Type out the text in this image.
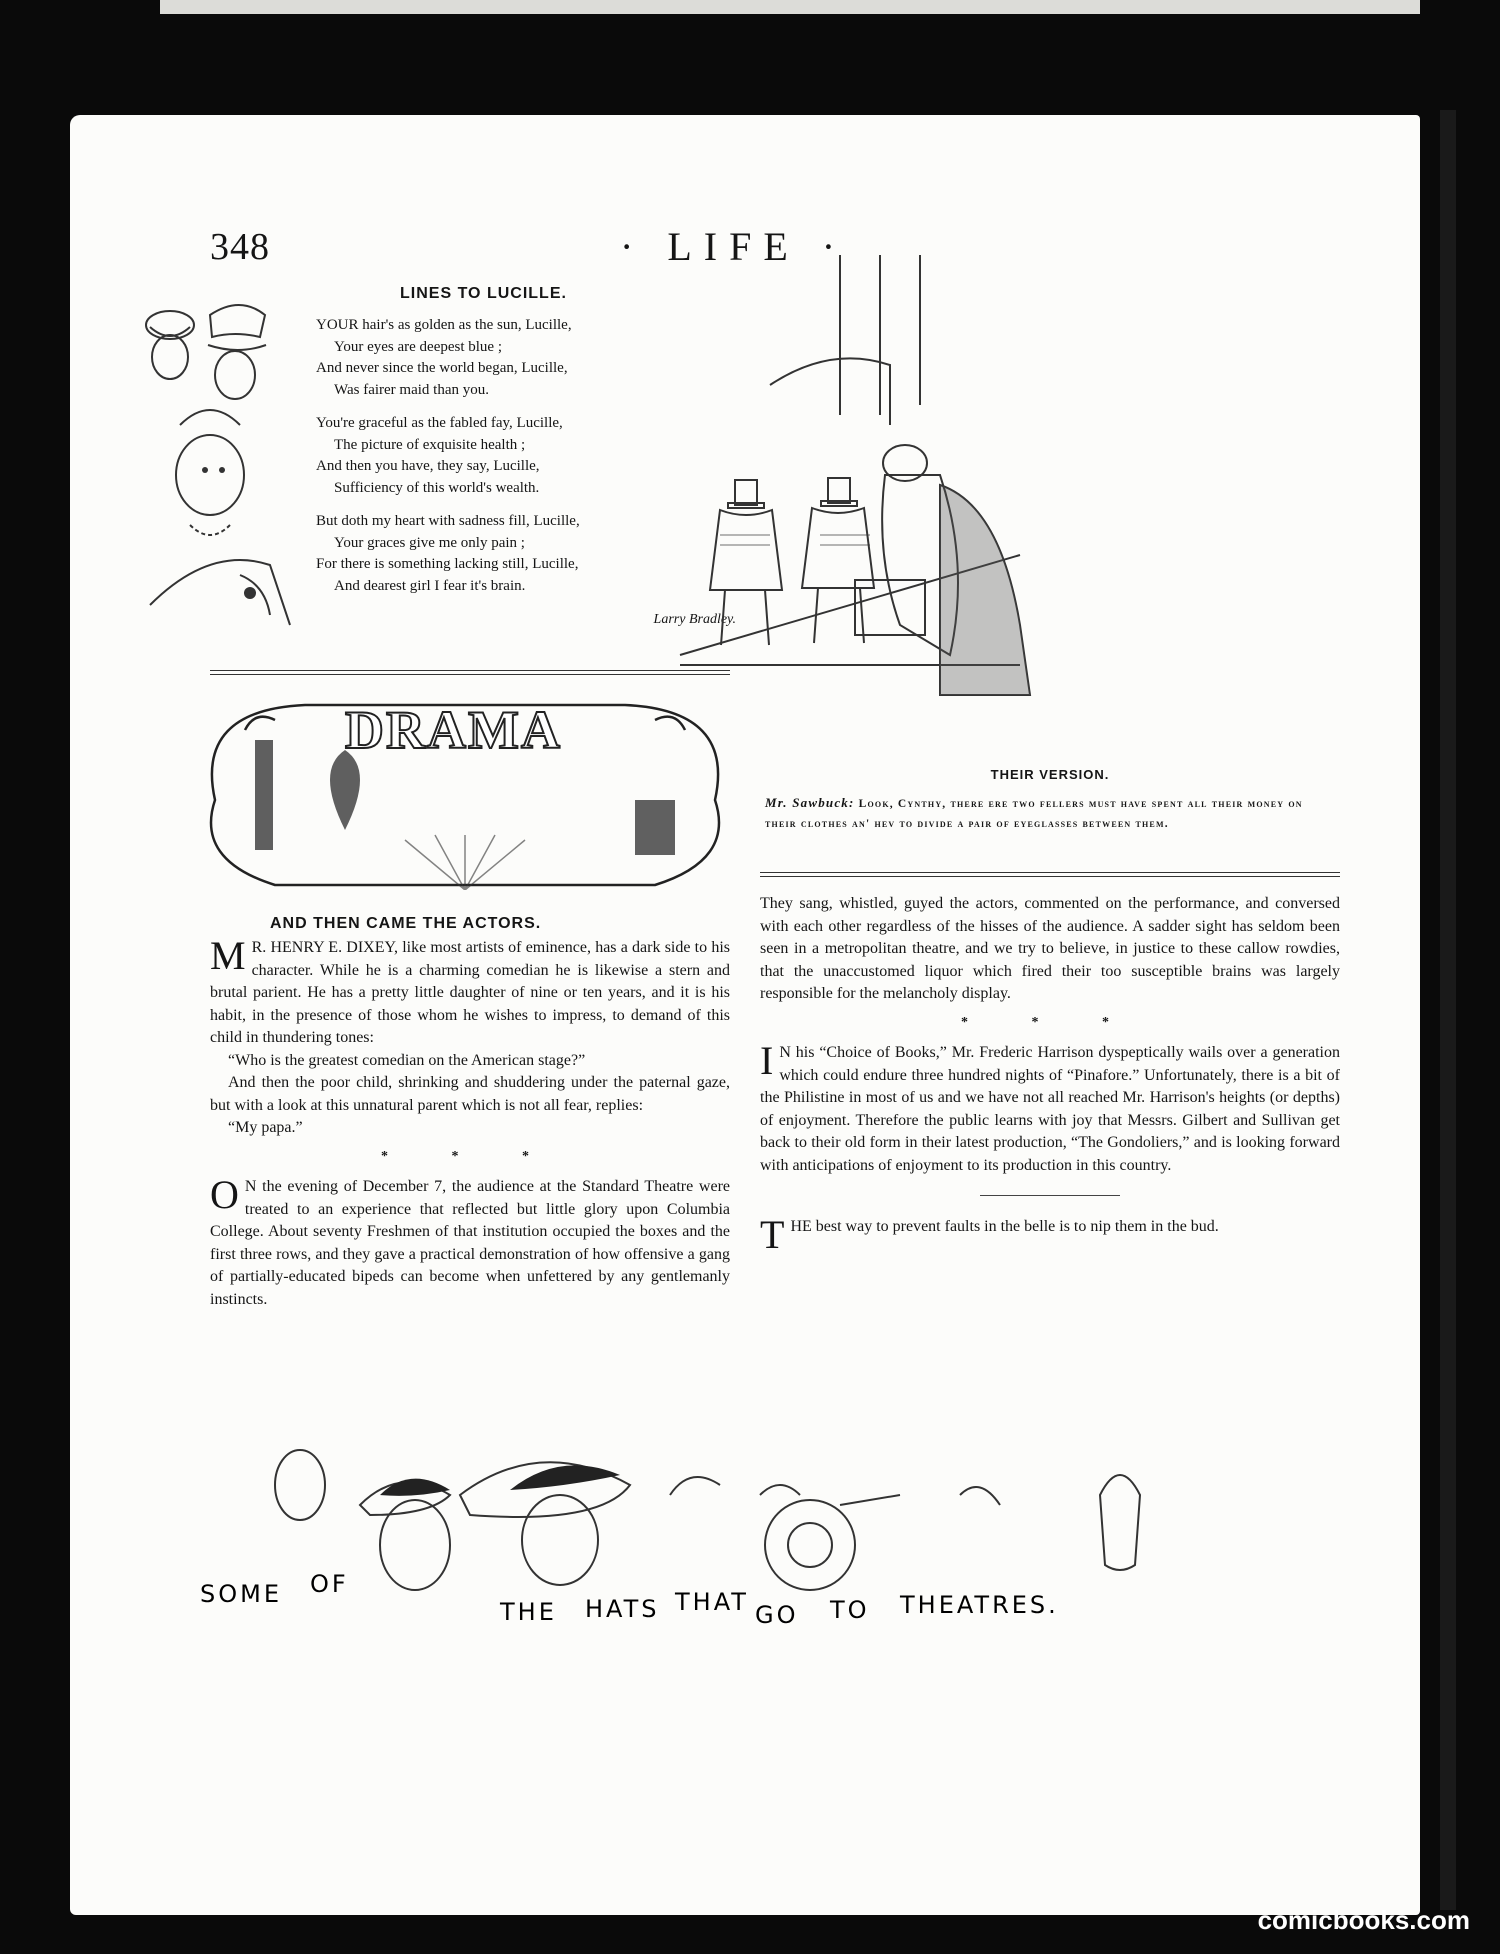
348	· LIFE ·
LINES TO LUCILLE.

YOUR hair's as golden as the sun, Lucille,

Your eyes are deepest blue ;

And never since the world began, Lucille,

Was fairer maid than you.

You're graceful as the fabled fay, Lucille,

The picture of exquisite health ;

And then you have, they say, Lucille,

Sufficiency of this world's wealth.

But doth my heart with sadness fill, Lucille,

Your graces give me only pain ;

For there is something lacking still, Lucille,

And dearest girl I fear it's brain.

Larry Bradley.
THEIR VERSION.
Mr. Sawbuck: Look, Cynthy, there ere two fellers must have spent all their money on their clothes an' hev to divide a pair of eyeglasses between them.
DRAMA
AND THEN CAME THE ACTORS.

M R. HENRY E. DIXEY, like most artists of eminence, has a dark side to his character. While he is a charming comedian he is likewise a stern and brutal parient. He has a pretty little daughter of nine or ten years, and it is his habit, in the presence of those whom he wishes to impress, to demand of this child in thundering tones:

“Who is the greatest comedian on the American stage?”

And then the poor child, shrinking and shuddering under the paternal gaze, but with a look at this unnatural parent which is not all fear, replies:

“My papa.”

* * *

O N the evening of December 7, the audience at the Standard Theatre were treated to an experience that reflected but little glory upon Columbia College. About seventy Freshmen of that institution occupied the boxes and the first three rows, and they gave a practical demonstration of how offensive a gang of partially-educated bipeds can become when unfettered by any gentlemanly instincts.

They sang, whistled, guyed the actors, commented on the performance, and conversed with each other regardless of the hisses of the audience. A sadder sight has seldom been seen in a metropolitan theatre, and we try to believe, in justice to these callow rowdies, that the unaccustomed liquor which fired their too susceptible brains was largely responsible for the melancholy display.

* * *

I N his “Choice of Books,” Mr. Frederic Harrison dyspeptically wails over a generation which could endure three hundred nights of “Pinafore.” Unfortunately, there is a bit of the Philistine in most of us and we have not all reached Mr. Harrison's heights (or depths) of enjoyment. Therefore the public learns with joy that Messrs. Gilbert and Sullivan get back to their old form in their latest production, “The Gondoliers,” and is looking forward with anticipations of enjoyment to its production in this country.

THE best way to prevent faults in the belle is to nip them in the bud.

SOME OF
THE HATS THAT GO TO THEATRES.
comicbooks.com
